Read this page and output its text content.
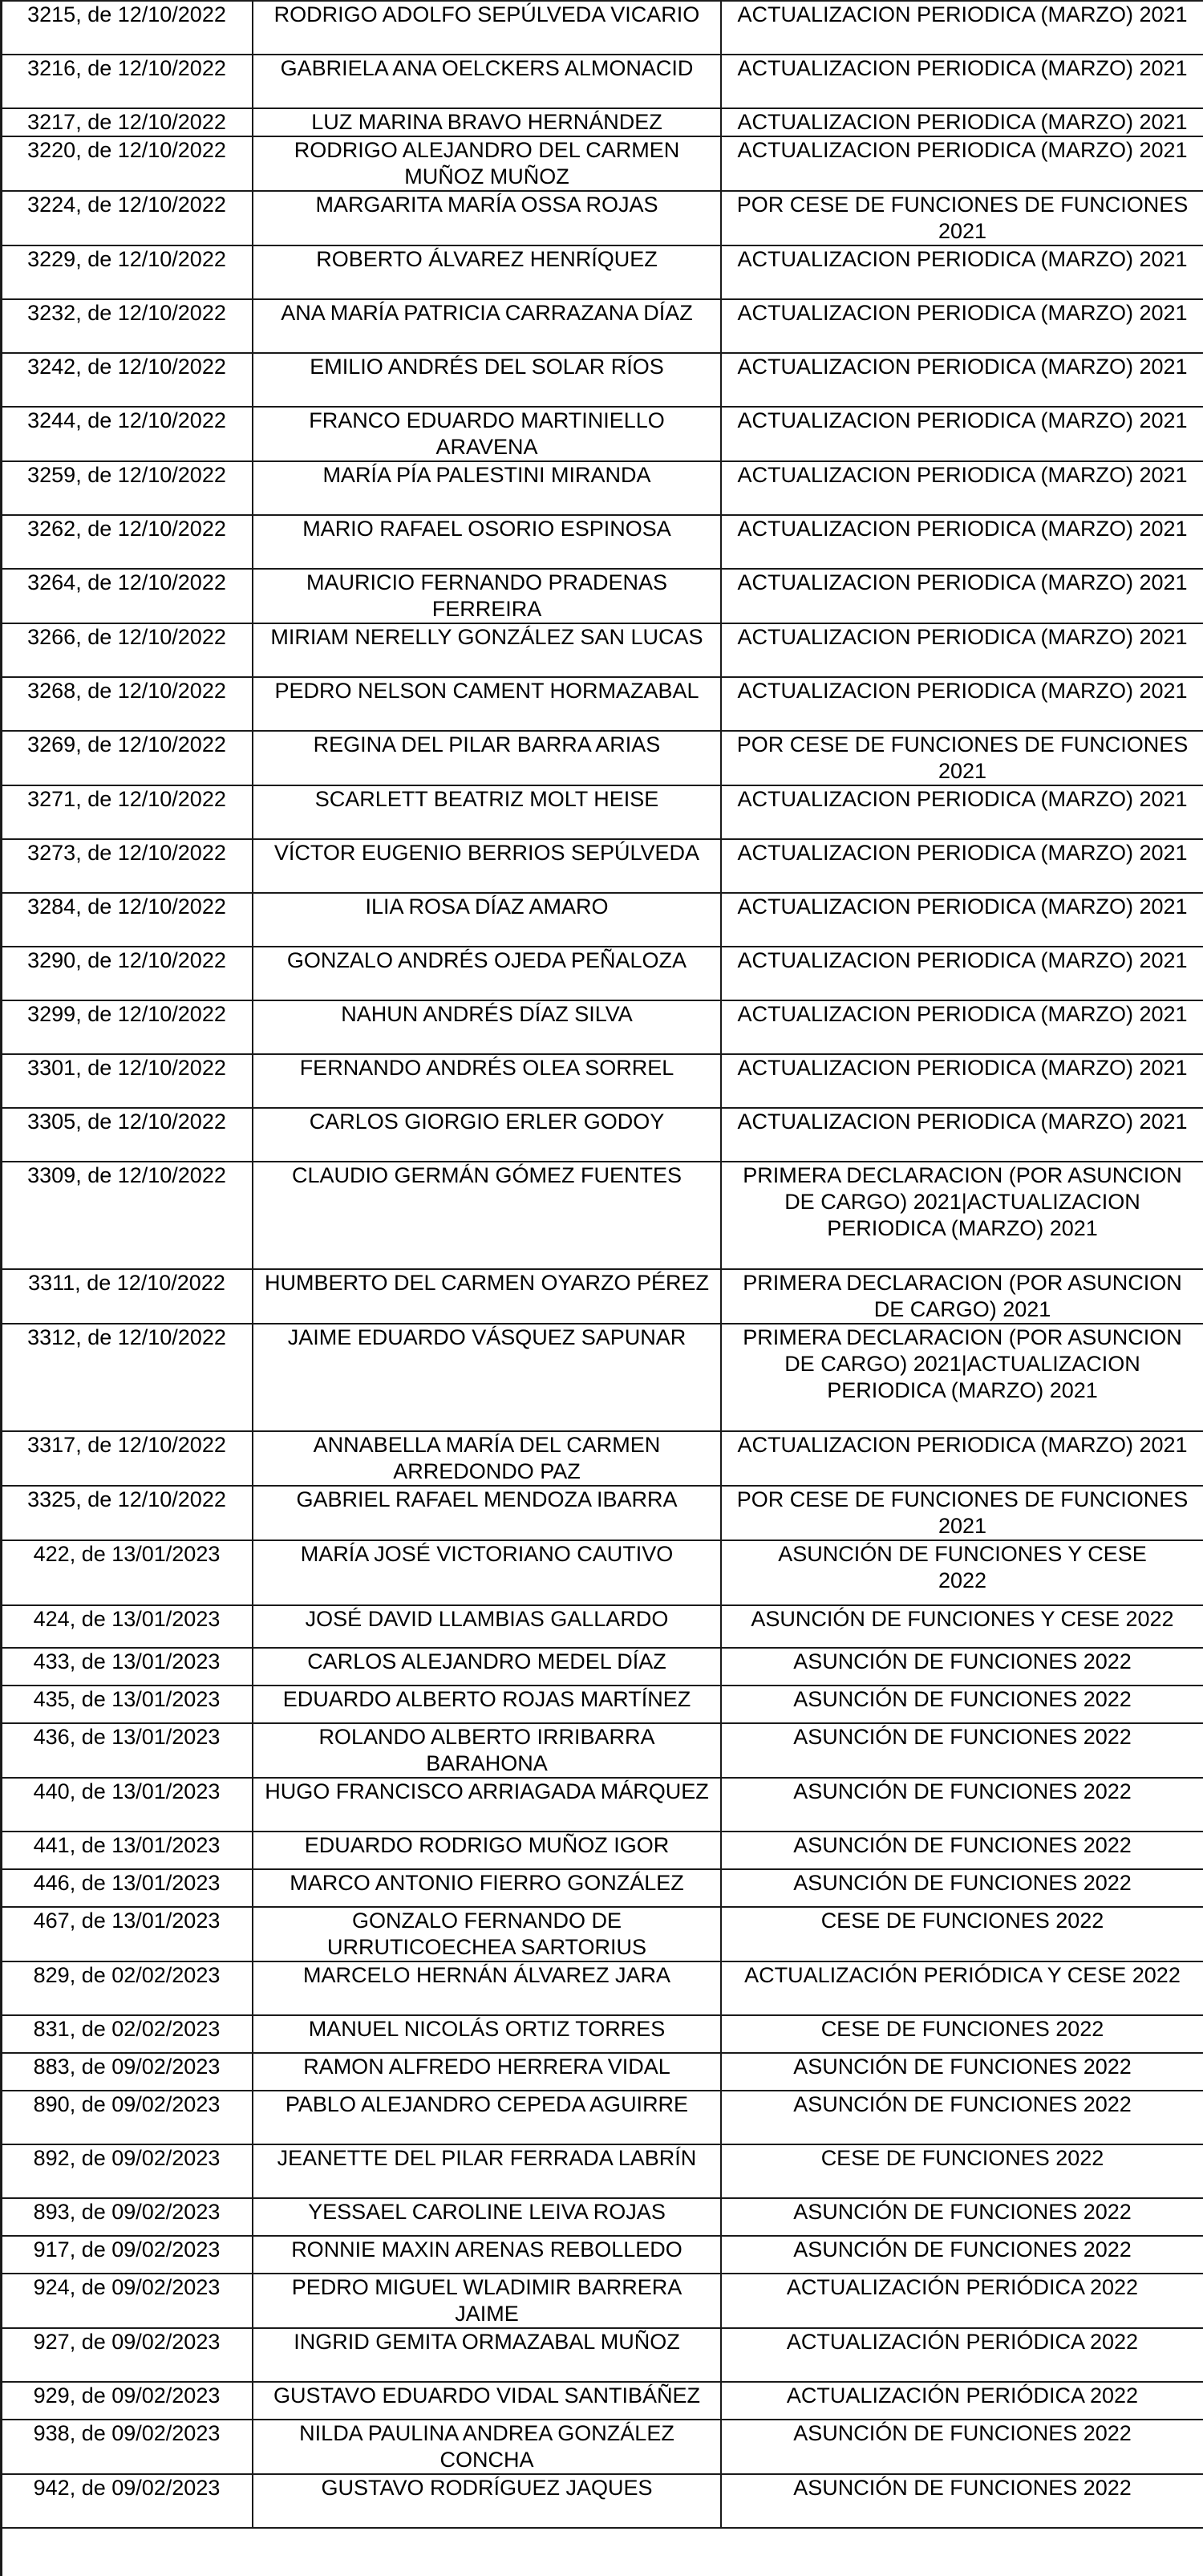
3215, de 12/10/2022	RODRIGO ADOLFO SEPÚLVEDA VICARIO	ACTUALIZACION PERIODICA (MARZO) 2021
3216, de 12/10/2022	GABRIELA ANA OELCKERS ALMONACID	ACTUALIZACION PERIODICA (MARZO) 2021
3217, de 12/10/2022	LUZ MARINA BRAVO HERNÁNDEZ	ACTUALIZACION PERIODICA (MARZO) 2021
3220, de 12/10/2022	RODRIGO ALEJANDRO DEL CARMEN MUÑOZ MUÑOZ	ACTUALIZACION PERIODICA (MARZO) 2021
3224, de 12/10/2022	MARGARITA MARÍA OSSA ROJAS	POR CESE DE FUNCIONES DE FUNCIONES 2021
3229, de 12/10/2022	ROBERTO ÁLVAREZ HENRÍQUEZ	ACTUALIZACION PERIODICA (MARZO) 2021
3232, de 12/10/2022	ANA MARÍA PATRICIA CARRAZANA DÍAZ	ACTUALIZACION PERIODICA (MARZO) 2021
3242, de 12/10/2022	EMILIO ANDRÉS DEL SOLAR RÍOS	ACTUALIZACION PERIODICA (MARZO) 2021
3244, de 12/10/2022	FRANCO EDUARDO MARTINIELLO ARAVENA	ACTUALIZACION PERIODICA (MARZO) 2021
3259, de 12/10/2022	MARÍA PÍA PALESTINI MIRANDA	ACTUALIZACION PERIODICA (MARZO) 2021
3262, de 12/10/2022	MARIO RAFAEL OSORIO ESPINOSA	ACTUALIZACION PERIODICA (MARZO) 2021
3264, de 12/10/2022	MAURICIO FERNANDO PRADENAS FERREIRA	ACTUALIZACION PERIODICA (MARZO) 2021
3266, de 12/10/2022	MIRIAM NERELLY GONZÁLEZ SAN LUCAS	ACTUALIZACION PERIODICA (MARZO) 2021
3268, de 12/10/2022	PEDRO NELSON CAMENT HORMAZABAL	ACTUALIZACION PERIODICA (MARZO) 2021
3269, de 12/10/2022	REGINA DEL PILAR BARRA ARIAS	POR CESE DE FUNCIONES DE FUNCIONES 2021
3271, de 12/10/2022	SCARLETT BEATRIZ MOLT HEISE	ACTUALIZACION PERIODICA (MARZO) 2021
3273, de 12/10/2022	VÍCTOR EUGENIO BERRIOS SEPÚLVEDA	ACTUALIZACION PERIODICA (MARZO) 2021
3284, de 12/10/2022	ILIA ROSA DÍAZ AMARO	ACTUALIZACION PERIODICA (MARZO) 2021
3290, de 12/10/2022	GONZALO ANDRÉS OJEDA PEÑALOZA	ACTUALIZACION PERIODICA (MARZO) 2021
3299, de 12/10/2022	NAHUN ANDRÉS DÍAZ SILVA	ACTUALIZACION PERIODICA (MARZO) 2021
3301, de 12/10/2022	FERNANDO ANDRÉS OLEA SORREL	ACTUALIZACION PERIODICA (MARZO) 2021
3305, de 12/10/2022	CARLOS GIORGIO ERLER GODOY	ACTUALIZACION PERIODICA (MARZO) 2021
3309, de 12/10/2022	CLAUDIO GERMÁN GÓMEZ FUENTES	PRIMERA DECLARACION (POR ASUNCION DE CARGO) 2021|ACTUALIZACION PERIODICA (MARZO) 2021
3311, de 12/10/2022	HUMBERTO DEL CARMEN OYARZO PÉREZ	PRIMERA DECLARACION (POR ASUNCION DE CARGO) 2021
3312, de 12/10/2022	JAIME EDUARDO VÁSQUEZ SAPUNAR	PRIMERA DECLARACION (POR ASUNCION DE CARGO) 2021|ACTUALIZACION PERIODICA (MARZO) 2021
3317, de 12/10/2022	ANNABELLA MARÍA DEL CARMEN ARREDONDO PAZ	ACTUALIZACION PERIODICA (MARZO) 2021
3325, de 12/10/2022	GABRIEL RAFAEL MENDOZA IBARRA	POR CESE DE FUNCIONES DE FUNCIONES 2021
422, de 13/01/2023	MARÍA JOSÉ VICTORIANO CAUTIVO	ASUNCIÓN DE FUNCIONES Y CESE
2022
424, de 13/01/2023	JOSÉ DAVID LLAMBIAS GALLARDO	ASUNCIÓN DE FUNCIONES Y CESE 2022
433, de 13/01/2023	CARLOS ALEJANDRO MEDEL DÍAZ	ASUNCIÓN DE FUNCIONES 2022
435, de 13/01/2023	EDUARDO ALBERTO ROJAS MARTÍNEZ	ASUNCIÓN DE FUNCIONES 2022
436, de 13/01/2023	ROLANDO ALBERTO IRRIBARRA BARAHONA	ASUNCIÓN DE FUNCIONES 2022
440, de 13/01/2023	HUGO FRANCISCO ARRIAGADA MÁRQUEZ	ASUNCIÓN DE FUNCIONES 2022
441, de 13/01/2023	EDUARDO RODRIGO MUÑOZ IGOR	ASUNCIÓN DE FUNCIONES 2022
446, de 13/01/2023	MARCO ANTONIO FIERRO GONZÁLEZ	ASUNCIÓN DE FUNCIONES 2022
467, de 13/01/2023	GONZALO FERNANDO DE URRUTICOECHEA SARTORIUS	CESE DE FUNCIONES 2022
829, de 02/02/2023	MARCELO HERNÁN ÁLVAREZ JARA	ACTUALIZACIÓN PERIÓDICA Y CESE 2022
831, de 02/02/2023	MANUEL NICOLÁS ORTIZ TORRES	CESE DE FUNCIONES 2022
883, de 09/02/2023	RAMON ALFREDO HERRERA VIDAL	ASUNCIÓN DE FUNCIONES 2022
890, de 09/02/2023	PABLO ALEJANDRO CEPEDA AGUIRRE	ASUNCIÓN DE FUNCIONES 2022
892, de 09/02/2023	JEANETTE DEL PILAR FERRADA LABRÍN	CESE DE FUNCIONES 2022
893, de 09/02/2023	YESSAEL CAROLINE LEIVA ROJAS	ASUNCIÓN DE FUNCIONES 2022
917, de 09/02/2023	RONNIE MAXIN ARENAS REBOLLEDO	ASUNCIÓN DE FUNCIONES 2022
924, de 09/02/2023	PEDRO MIGUEL WLADIMIR BARRERA JAIME	ACTUALIZACIÓN PERIÓDICA 2022
927, de 09/02/2023	INGRID GEMITA ORMAZABAL MUÑOZ	ACTUALIZACIÓN PERIÓDICA 2022
929, de 09/02/2023	GUSTAVO EDUARDO VIDAL SANTIBÁÑEZ	ACTUALIZACIÓN PERIÓDICA 2022
938, de 09/02/2023	NILDA PAULINA ANDREA GONZÁLEZ CONCHA	ASUNCIÓN DE FUNCIONES 2022
942, de 09/02/2023	GUSTAVO RODRÍGUEZ JAQUES	ASUNCIÓN DE FUNCIONES 2022
